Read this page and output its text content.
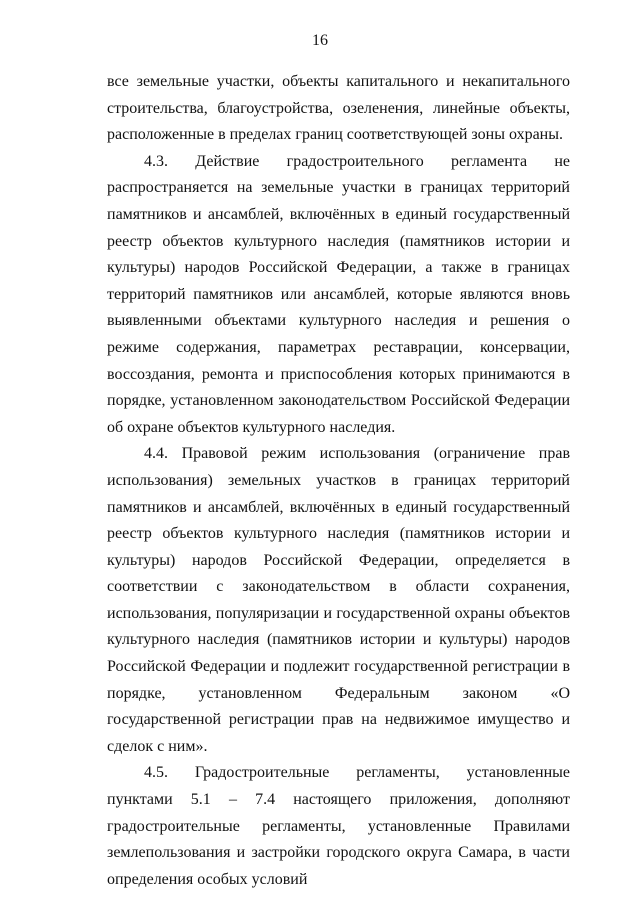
16

все земельные участки, объекты капитального и некапитального строительства, благоустройства, озеленения, линейные объекты, расположенные в пределах границ соответствующей зоны охраны.

4.3. Действие градостроительного регламента не распространяется на земельные участки в границах территорий памятников и ансамблей, включённых в единый государственный реестр объектов культурного наследия (памятников истории и культуры) народов Российской Федерации, а также в границах территорий памятников или ансамблей, которые являются вновь выявленными объектами культурного наследия и решения о режиме содержания, параметрах реставрации, консервации, воссоздания, ремонта и приспособления которых принимаются в порядке, установленном законодательством Российской Федерации об охране объектов культурного наследия.

4.4. Правовой режим использования (ограничение прав использования) земельных участков в границах территорий памятников и ансамблей, включённых в единый государственный реестр объектов культурного наследия (памятников истории и культуры) народов Российской Федерации, определяется в соответствии с законодательством в области сохранения, использования, популяризации и государственной охраны объектов культурного наследия (памятников истории и культуры) народов Российской Федерации и подлежит государственной регистрации в порядке, установленном Федеральным законом «О государственной регистрации прав на недвижимое имущество и сделок с ним».

4.5. Градостроительные регламенты, установленные пунктами 5.1 – 7.4 настоящего приложения, дополняют градостроительные регламенты, установленные Правилами землепользования и застройки городского округа Самара, в части определения особых условий
